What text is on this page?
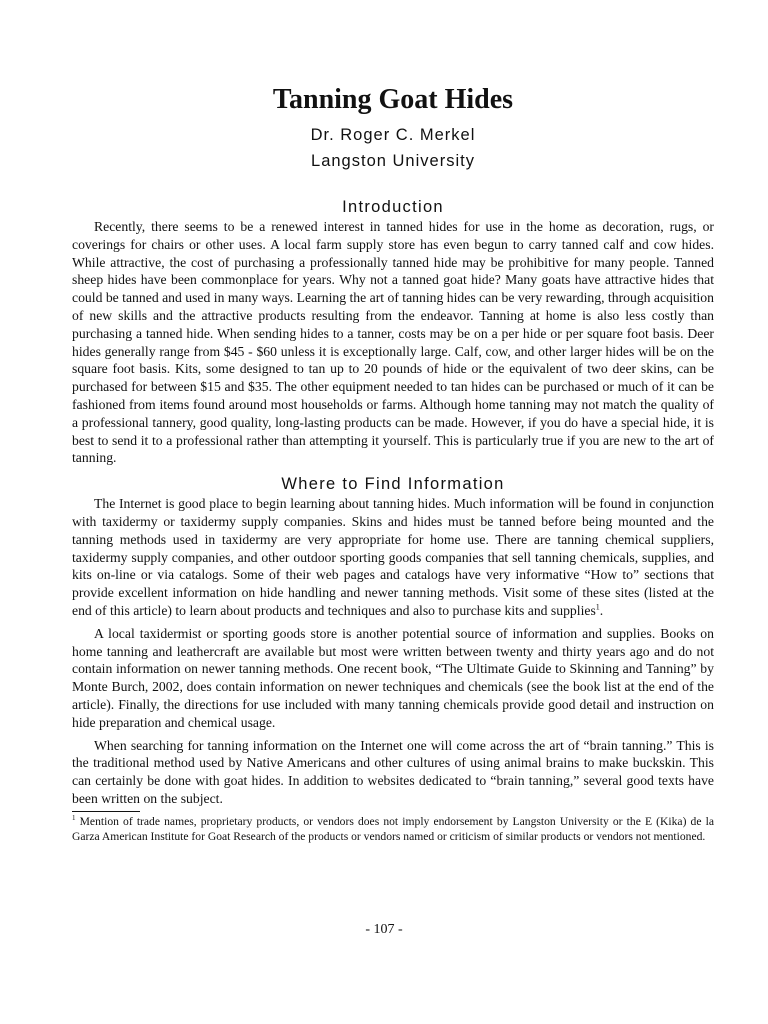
Tanning Goat Hides
Dr. Roger C. Merkel
Langston University
Introduction

Recently, there seems to be a renewed interest in tanned hides for use in the home as decoration, rugs, or coverings for chairs or other uses. A local farm supply store has even begun to carry tanned calf and cow hides. While attractive, the cost of purchasing a professionally tanned hide may be prohibitive for many people. Tanned sheep hides have been commonplace for years. Why not a tanned goat hide? Many goats have attractive hides that could be tanned and used in many ways. Learning the art of tanning hides can be very rewarding, through acquisition of new skills and the attractive products resulting from the endeavor. Tanning at home is also less costly than purchasing a tanned hide. When sending hides to a tanner, costs may be on a per hide or per square foot basis. Deer hides generally range from $45 - $60 unless it is exceptionally large. Calf, cow, and other larger hides will be on the square foot basis. Kits, some designed to tan up to 20 pounds of hide or the equivalent of two deer skins, can be purchased for between $15 and $35. The other equipment needed to tan hides can be purchased or much of it can be fashioned from items found around most households or farms. Although home tanning may not match the quality of a professional tannery, good quality, long-lasting products can be made. However, if you do have a special hide, it is best to send it to a professional rather than attempting it yourself. This is particularly true if you are new to the art of tanning.

Where to Find Information

The Internet is good place to begin learning about tanning hides. Much information will be found in conjunction with taxidermy or taxidermy supply companies. Skins and hides must be tanned before being mounted and the tanning methods used in taxidermy are very appropriate for home use. There are tanning chemical suppliers, taxidermy supply companies, and other outdoor sporting goods companies that sell tanning chemicals, supplies, and kits on-line or via catalogs. Some of their web pages and catalogs have very informative “How to” sections that provide excellent information on hide handling and newer tanning methods. Visit some of these sites (listed at the end of this article) to learn about products and techniques and also to purchase kits and supplies$^1$.

A local taxidermist or sporting goods store is another potential source of information and supplies. Books on home tanning and leathercraft are available but most were written between twenty and thirty years ago and do not contain information on newer tanning methods. One recent book, “The Ultimate Guide to Skinning and Tanning” by Monte Burch, 2002, does contain information on newer techniques and chemicals (see the book list at the end of the article). Finally, the directions for use included with many tanning chemicals provide good detail and instruction on hide preparation and chemical usage.

When searching for tanning information on the Internet one will come across the art of “brain tanning.” This is the traditional method used by Native Americans and other cultures of using animal brains to make buckskin. This can certainly be done with goat hides. In addition to websites dedicated to “brain tanning,” several good texts have been written on the subject.

$^1$ Mention of trade names, proprietary products, or vendors does not imply endorsement by Langston University or the E (Kika) de la Garza American Institute for Goat Research of the products or vendors named or criticism of similar products or vendors not mentioned.
- 107 -
